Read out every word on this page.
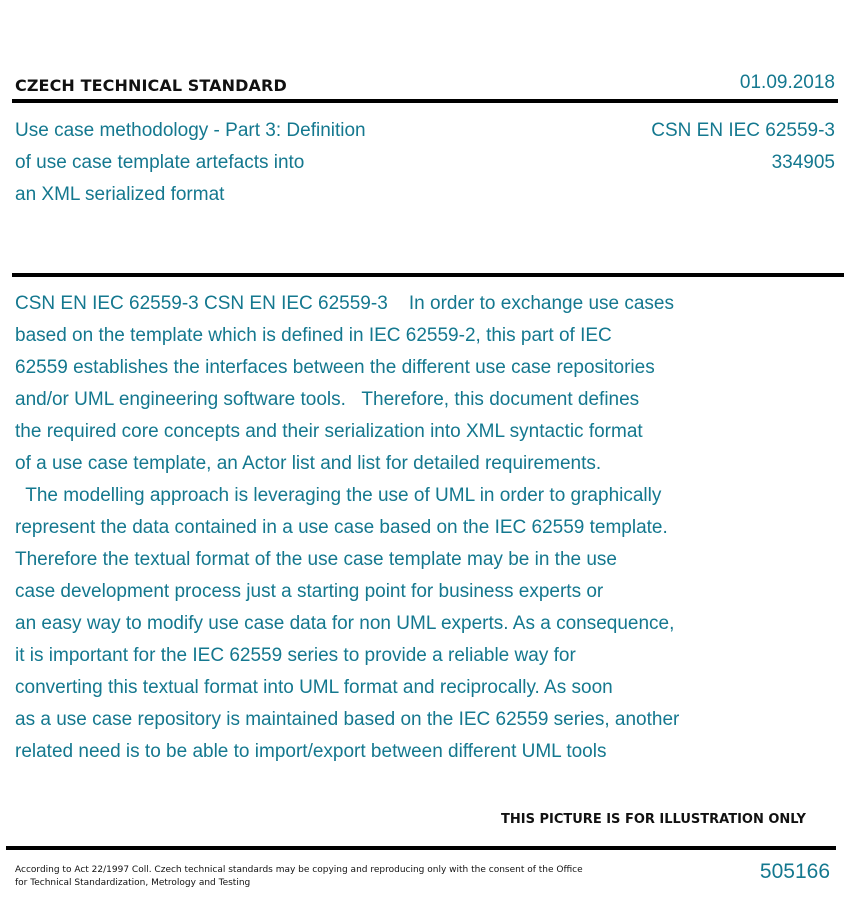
CZECH TECHNICAL STANDARD	01.09.2018
Use case methodology - Part 3: Definition
of use case template artefacts into
an XML serialized format
CSN EN IEC 62559-3
334905
CSN EN IEC 62559-3 CSN EN IEC 62559-3    In order to exchange use cases
based on the template which is defined in IEC 62559-2, this part of IEC
62559 establishes the interfaces between the different use case repositories
and/or UML engineering software tools.   Therefore, this document defines
the required core concepts and their serialization into XML syntactic format
of a use case template, an Actor list and list for detailed requirements.
The modelling approach is leveraging the use of UML in order to graphically
represent the data contained in a use case based on the IEC 62559 template.
Therefore the textual format of the use case template may be in the use
case development process just a starting point for business experts or
an easy way to modify use case data for non UML experts. As a consequence,
it is important for the IEC 62559 series to provide a reliable way for
converting this textual format into UML format and reciprocally. As soon
as a use case repository is maintained based on the IEC 62559 series, another
related need is to be able to import/export between different UML tools
THIS PICTURE IS FOR ILLUSTRATION ONLY
According to Act 22/1997 Coll. Czech technical standards may be copying and reproducing only with the consent of the Office
for Technical Standardization, Metrology and Testing	505166
